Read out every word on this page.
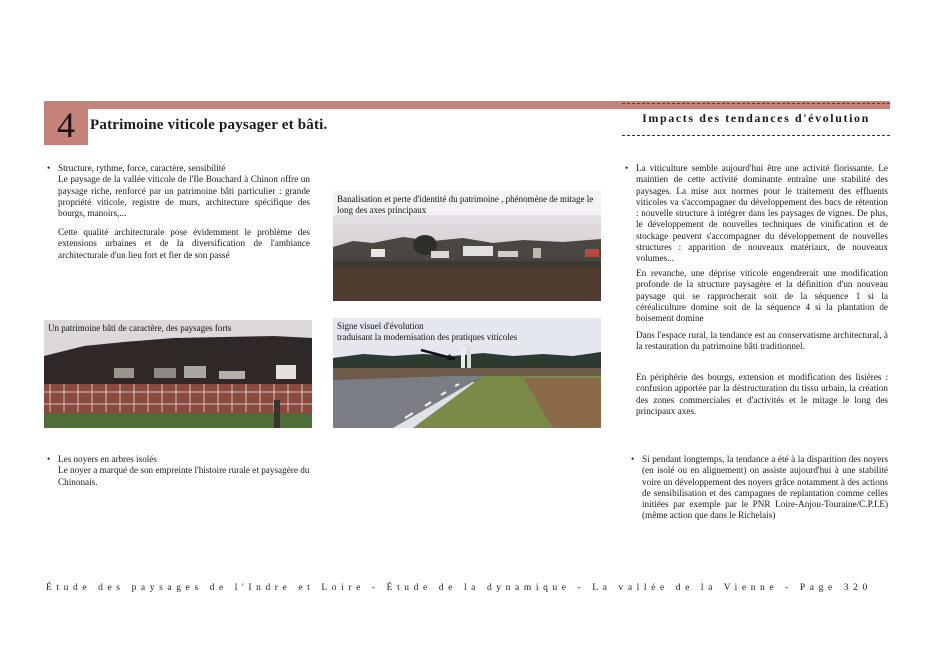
4	Patrimoine viticole paysager et bâti.	Impacts des tendances d'évolution
• Structure, rythme, force, caractère, sensibilité
Le paysage de la vallée viticole de l'Ile Bouchard à Chinon offre un paysage riche, renforcé par un patrimoine bâti particulier : grande propriété viticole, registre de murs, architecture spécifique des bourgs, manoirs,...
Cette qualité architecturale pose évidemment le problème des extensions urbaines et de la diversification de l'ambiance architecturale d'un lieu fort et fier de son passé
• Les noyers en arbres isolés
Le noyer a marqué de son empreinte l'histoire rurale et paysagère du Chinonais.
Banalisation et perte d'identité du patrimoine , phénomène de mitage le long des axes principaux
Un patrimoine bâti de caractère, des paysages forts	Signe visuel d'évolution
traduisant la modernisation des pratiques viticoles
• La viticulture semble aujourd'hui être une activité florissante. Le maintien de cette activité dominante entraîne une stabilité des paysages. La mise aux normes pour le traitement des effluents viticoles va s'accompagner du développement des bacs de rétention : nouvelle structure à intégrer dans les paysages de vignes. De plus, le développement de nouvelles techniques de vinification et de stockage peuvent s'accompagner du développement de nouvelles structures : apparition de nouveaux matériaux, de nouveaux volumes...
En revanche, une déprise viticole engendrerait une modification profonde de la structure paysagère et la définition d'un nouveau paysage qui se rapprocherait soit de la séquence 1 si la céréaliculture domine soit de la séquence 4 si la plantation de boisement domine
Dans l'espace rural, la tendance est au conservatisme architectural, à la restauration du patrimoine bâti traditionnel.
En périphérie des bourgs, extension et modification des lisières : confusion apportée par la déstructuration du tissu urbain, la création des zones commerciales et d'activités et le mitage le long des principaux axes.
• Si pendant longtemps, la tendance a été à la disparition des noyers (en isolé ou en alignement) on assiste aujourd'hui à une stabilité voire un développement des noyers grâce notamment à des actions de sensibilisation et des campagnes de replantation comme celles initiées par exemple par le PNR Loire-Anjou-Touraine/C.P.I.E) (même action que dans le Richelais)
Étude des paysages de l'Indre et Loire - Étude de la dynamique - La vallée de la Vienne - Page 320
